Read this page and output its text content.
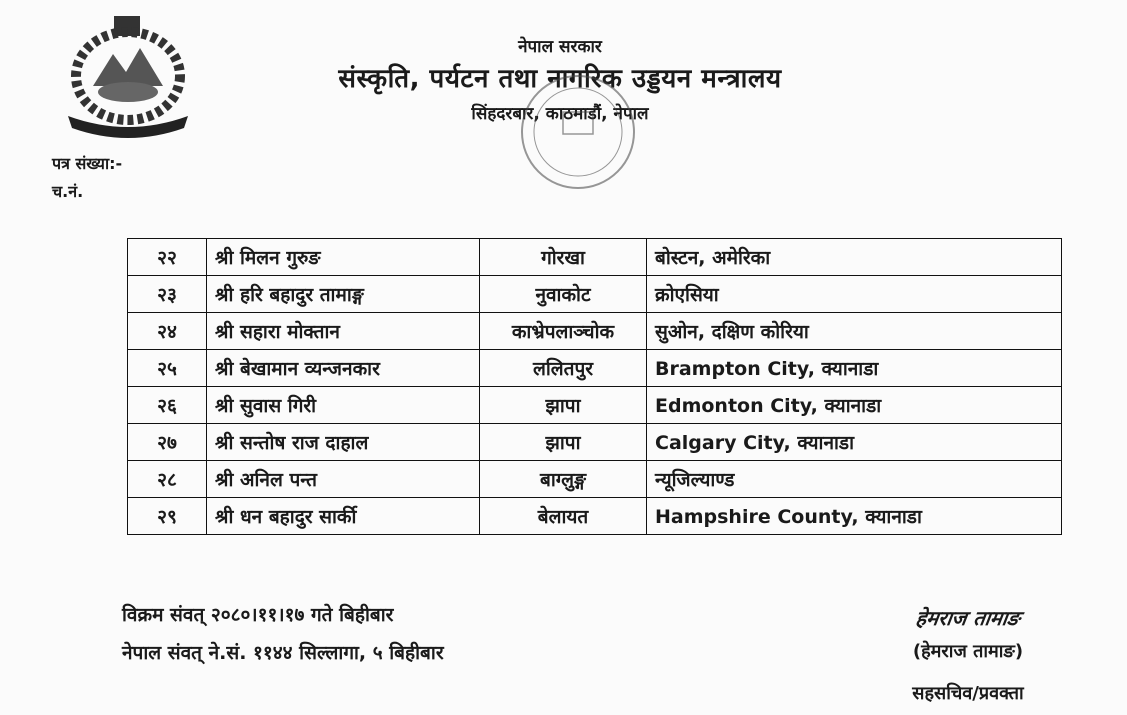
नेपाल सरकार
संस्कृति, पर्यटन तथा नागरिक उड्डयन मन्त्रालय
सिंहदरबार, काठमाडौं, नेपाल
पत्र संख्या:-
च.नं.
२२	श्री मिलन गुरुङ	गोरखा	बोस्टन, अमेरिका
२३	श्री हरि बहादुर तामाङ्ग	नुवाकोट	क्रोएसिया
२४	श्री सहारा मोक्तान	काभ्रेपलाञ्चोक	सुओन, दक्षिण कोरिया
२५	श्री बेखामान व्यन्जनकार	ललितपुर	Brampton City, क्यानाडा
२६	श्री सुवास गिरी	झापा	Edmonton City, क्यानाडा
२७	श्री सन्तोष राज दाहाल	झापा	Calgary City, क्यानाडा
२८	श्री अनिल पन्त	बाग्लुङ्ग	न्यूजिल्याण्ड
२९	श्री धन बहादुर सार्की	बेलायत	Hampshire County, क्यानाडा
विक्रम संवत् २०८०।११।१७ गते बिहीबार
नेपाल संवत् ने.सं. ११४४ सिल्लागा, ५ बिहीबार
हेमराज तामाङ
(हेमराज तामाङ)
सहसचिव/प्रवक्ता
